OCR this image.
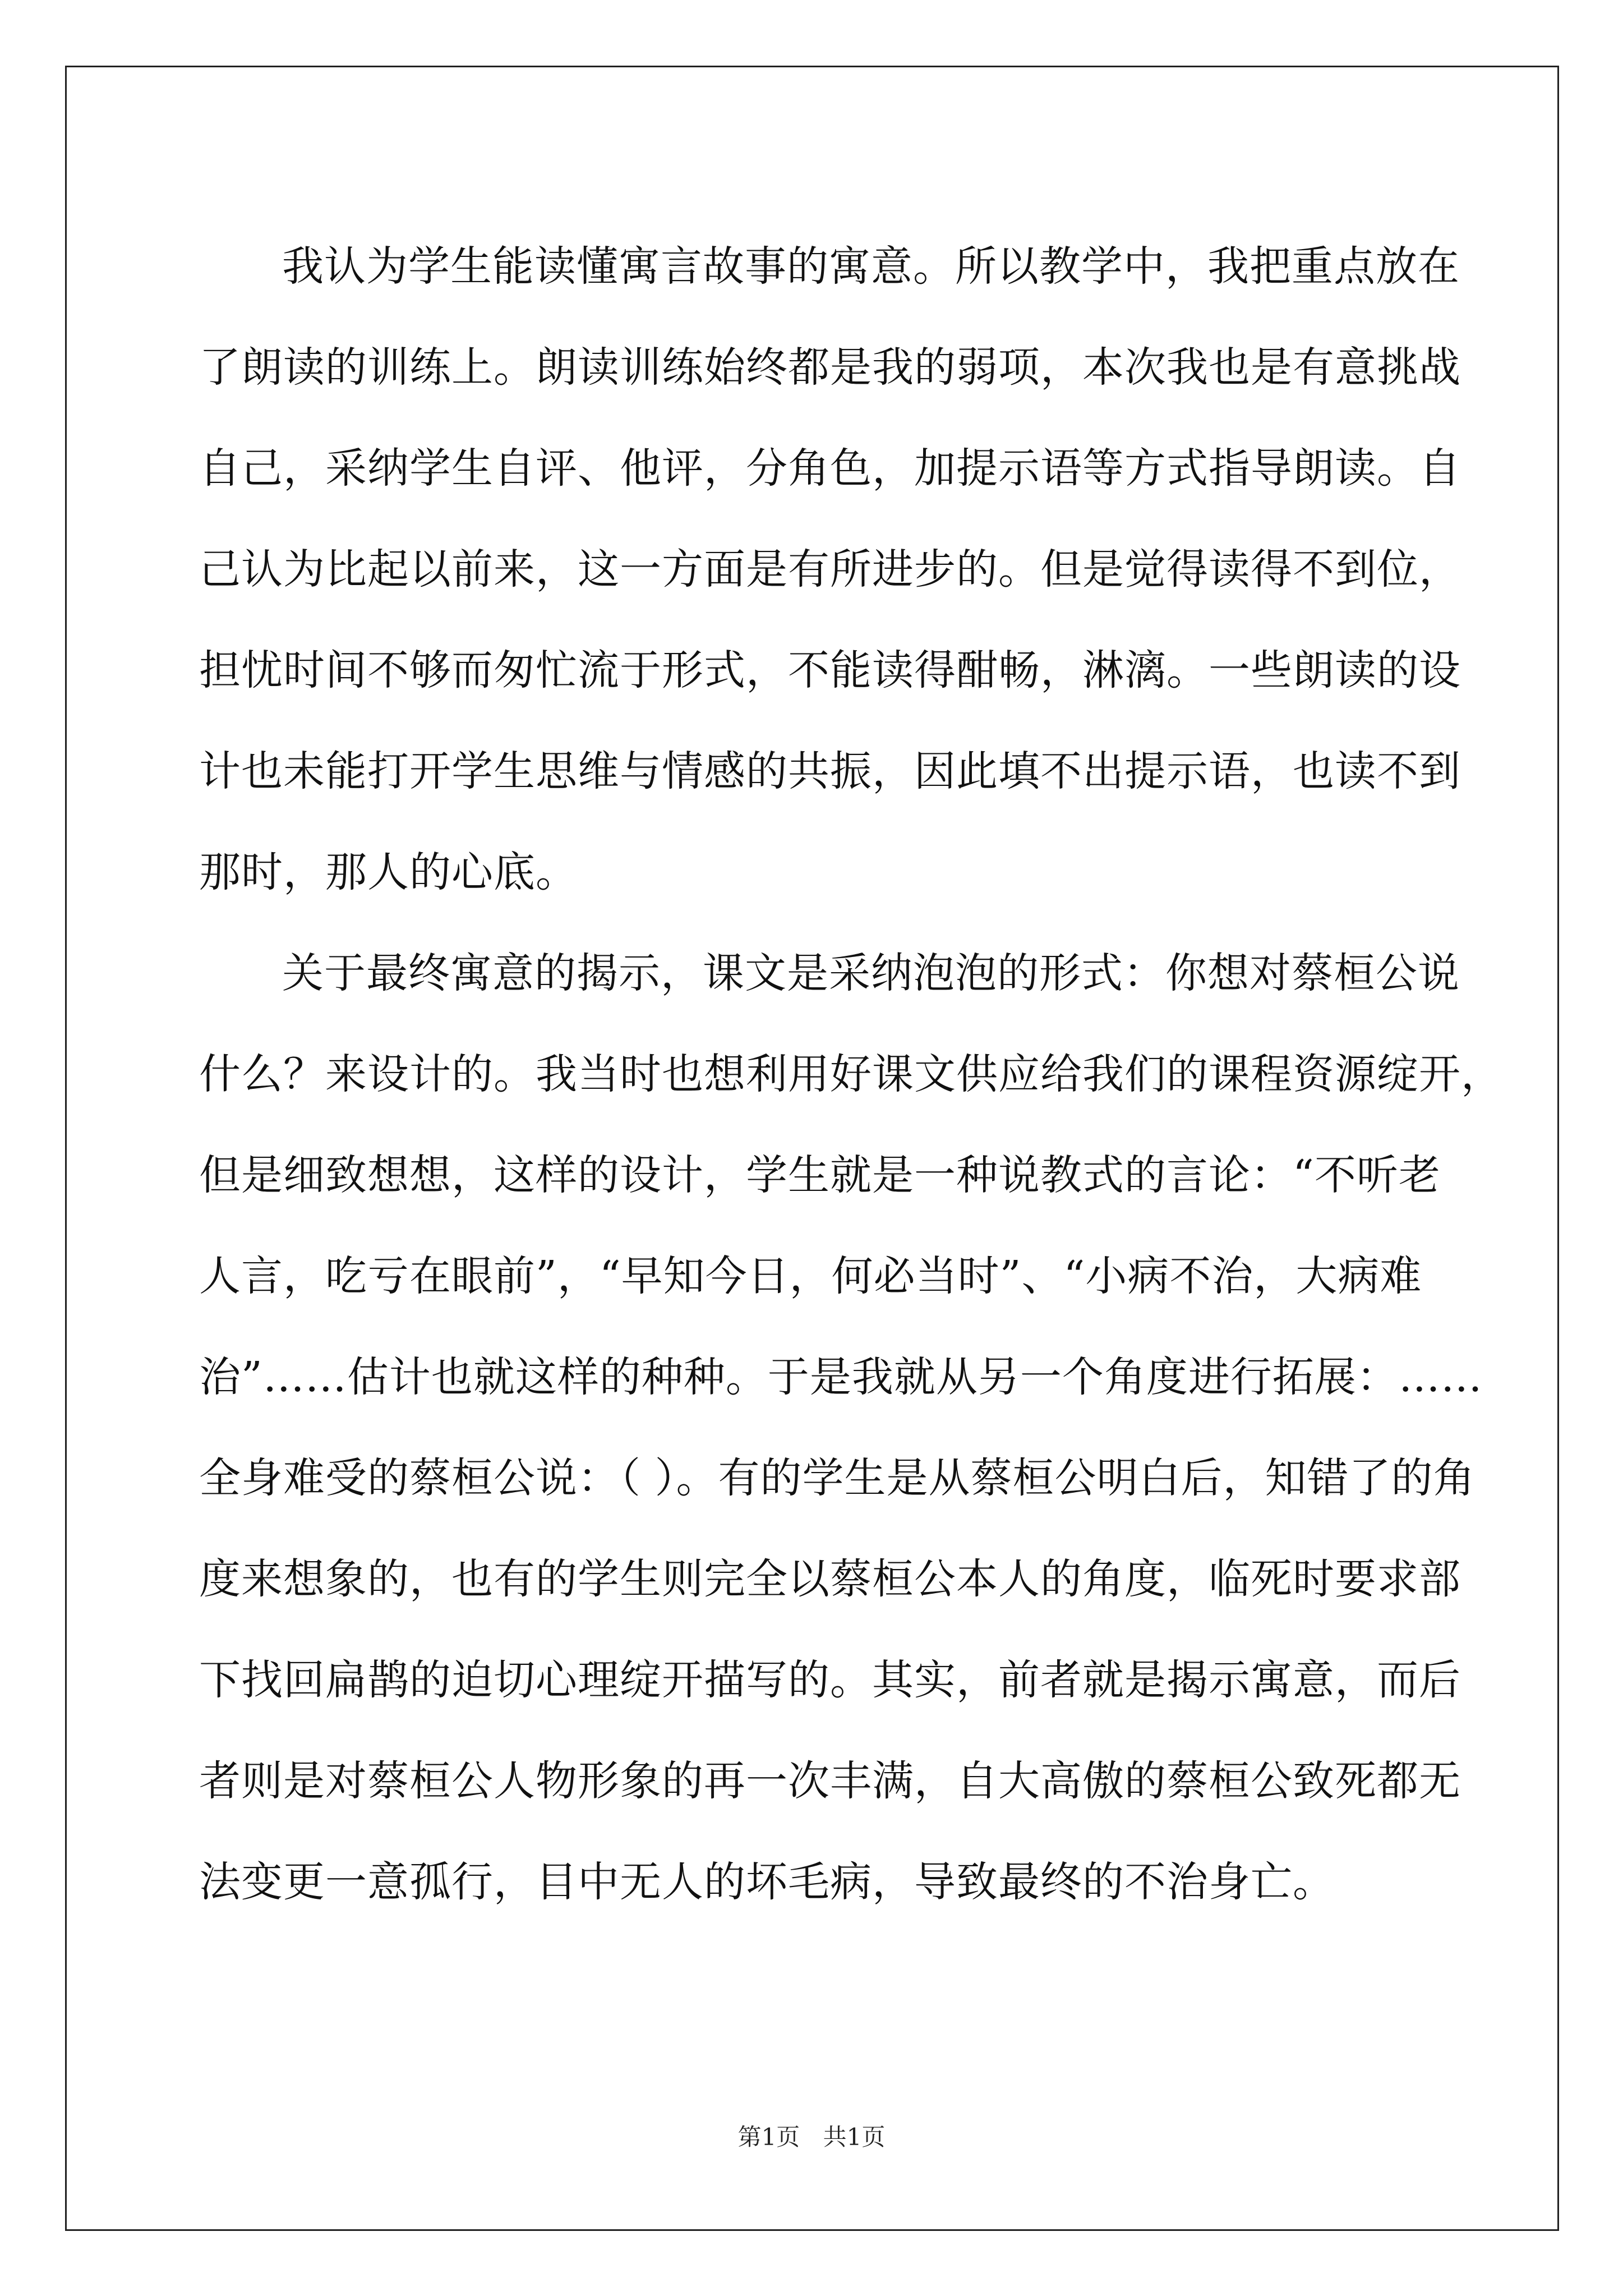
我认为学生能读懂寓言故事的寓意。所以教学中，我把重点放在
了朗读的训练上。朗读训练始终都是我的弱项，本次我也是有意挑战
自己，采纳学生自评、他评，分角色，加提示语等方式指导朗读。自
己认为比起以前来，这一方面是有所进步的。但是觉得读得不到位，
担忧时间不够而匆忙流于形式，不能读得酣畅，淋漓。一些朗读的设
计也未能打开学生思维与情感的共振，因此填不出提示语，也读不到
那时，那人的心底。
关于最终寓意的揭示，课文是采纳泡泡的形式：你想对蔡桓公说
什么？来设计的。我当时也想利用好课文供应给我们的课程资源绽开，
但是细致想想，这样的设计，学生就是一种说教式的言论：“不听老
人言，吃亏在眼前”，“早知今日，何必当时”、“小病不治，大病难
治”……估计也就这样的种种。于是我就从另一个角度进行拓展：……
全身难受的蔡桓公说：（ ）。有的学生是从蔡桓公明白后，知错了的角
度来想象的，也有的学生则完全以蔡桓公本人的角度，临死时要求部
下找回扁鹊的迫切心理绽开描写的。其实，前者就是揭示寓意，而后
者则是对蔡桓公人物形象的再一次丰满，自大高傲的蔡桓公致死都无
法变更一意孤行，目中无人的坏毛病，导致最终的不治身亡。
第1页 共1页
